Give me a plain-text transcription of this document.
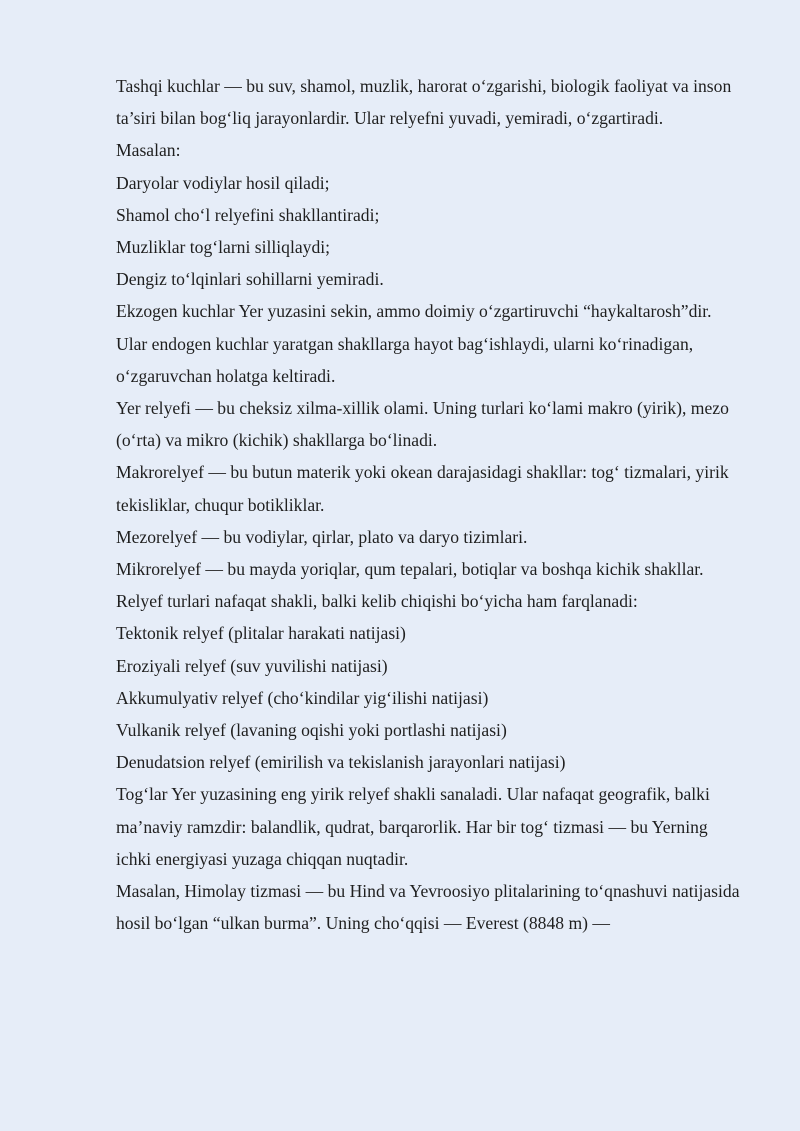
Tashqi kuchlar — bu suv, shamol, muzlik, harorat o‘zgarishi, biologik faoliyat va inson ta’siri bilan bog‘liq jarayonlardir. Ular relyefni yuvadi, yemiradi, o‘zgartiradi.

Masalan:

Daryolar vodiylar hosil qiladi;

Shamol cho‘l relyefini shakllantiradi;

Muzliklar tog‘larni silliqlaydi;

Dengiz to‘lqinlari sohillarni yemiradi.

Ekzogen kuchlar Yer yuzasini sekin, ammo doimiy o‘zgartiruvchi “haykaltarosh”dir. Ular endogen kuchlar yaratgan shakllarga hayot bag‘ishlaydi, ularni ko‘rinadigan, o‘zgaruvchan holatga keltiradi.

Yer relyefi — bu cheksiz xilma-xillik olami. Uning turlari ko‘lami makro (yirik), mezo (o‘rta) va mikro (kichik) shakllarga bo‘linadi.

Makrorelyef — bu butun materik yoki okean darajasidagi shakllar: tog‘ tizmalari, yirik tekisliklar, chuqur botikliklar.

Mezorelyef — bu vodiylar, qirlar, plato va daryo tizimlari.

Mikrorelyef — bu mayda yoriqlar, qum tepalari, botiqlar va boshqa kichik shakllar.

Relyef turlari nafaqat shakli, balki kelib chiqishi bo‘yicha ham farqlanadi:

Tektonik relyef (plitalar harakati natijasi)

Eroziyali relyef (suv yuvilishi natijasi)

Akkumulyativ relyef (cho‘kindilar yig‘ilishi natijasi)

Vulkanik relyef (lavaning oqishi yoki portlashi natijasi)

Denudatsion relyef (emirilish va tekislanish jarayonlari natijasi)

Tog‘lar Yer yuzasining eng yirik relyef shakli sanaladi. Ular nafaqat geografik, balki ma’naviy ramzdir: balandlik, qudrat, barqarorlik. Har bir tog‘ tizmasi — bu Yerning ichki energiyasi yuzaga chiqqan nuqtadir.

Masalan, Himolay tizmasi — bu Hind va Yevroosiyo plitalarining to‘qnashuvi natijasida hosil bo‘lgan “ulkan burma”. Uning cho‘qqisi — Everest (8848 m) —
